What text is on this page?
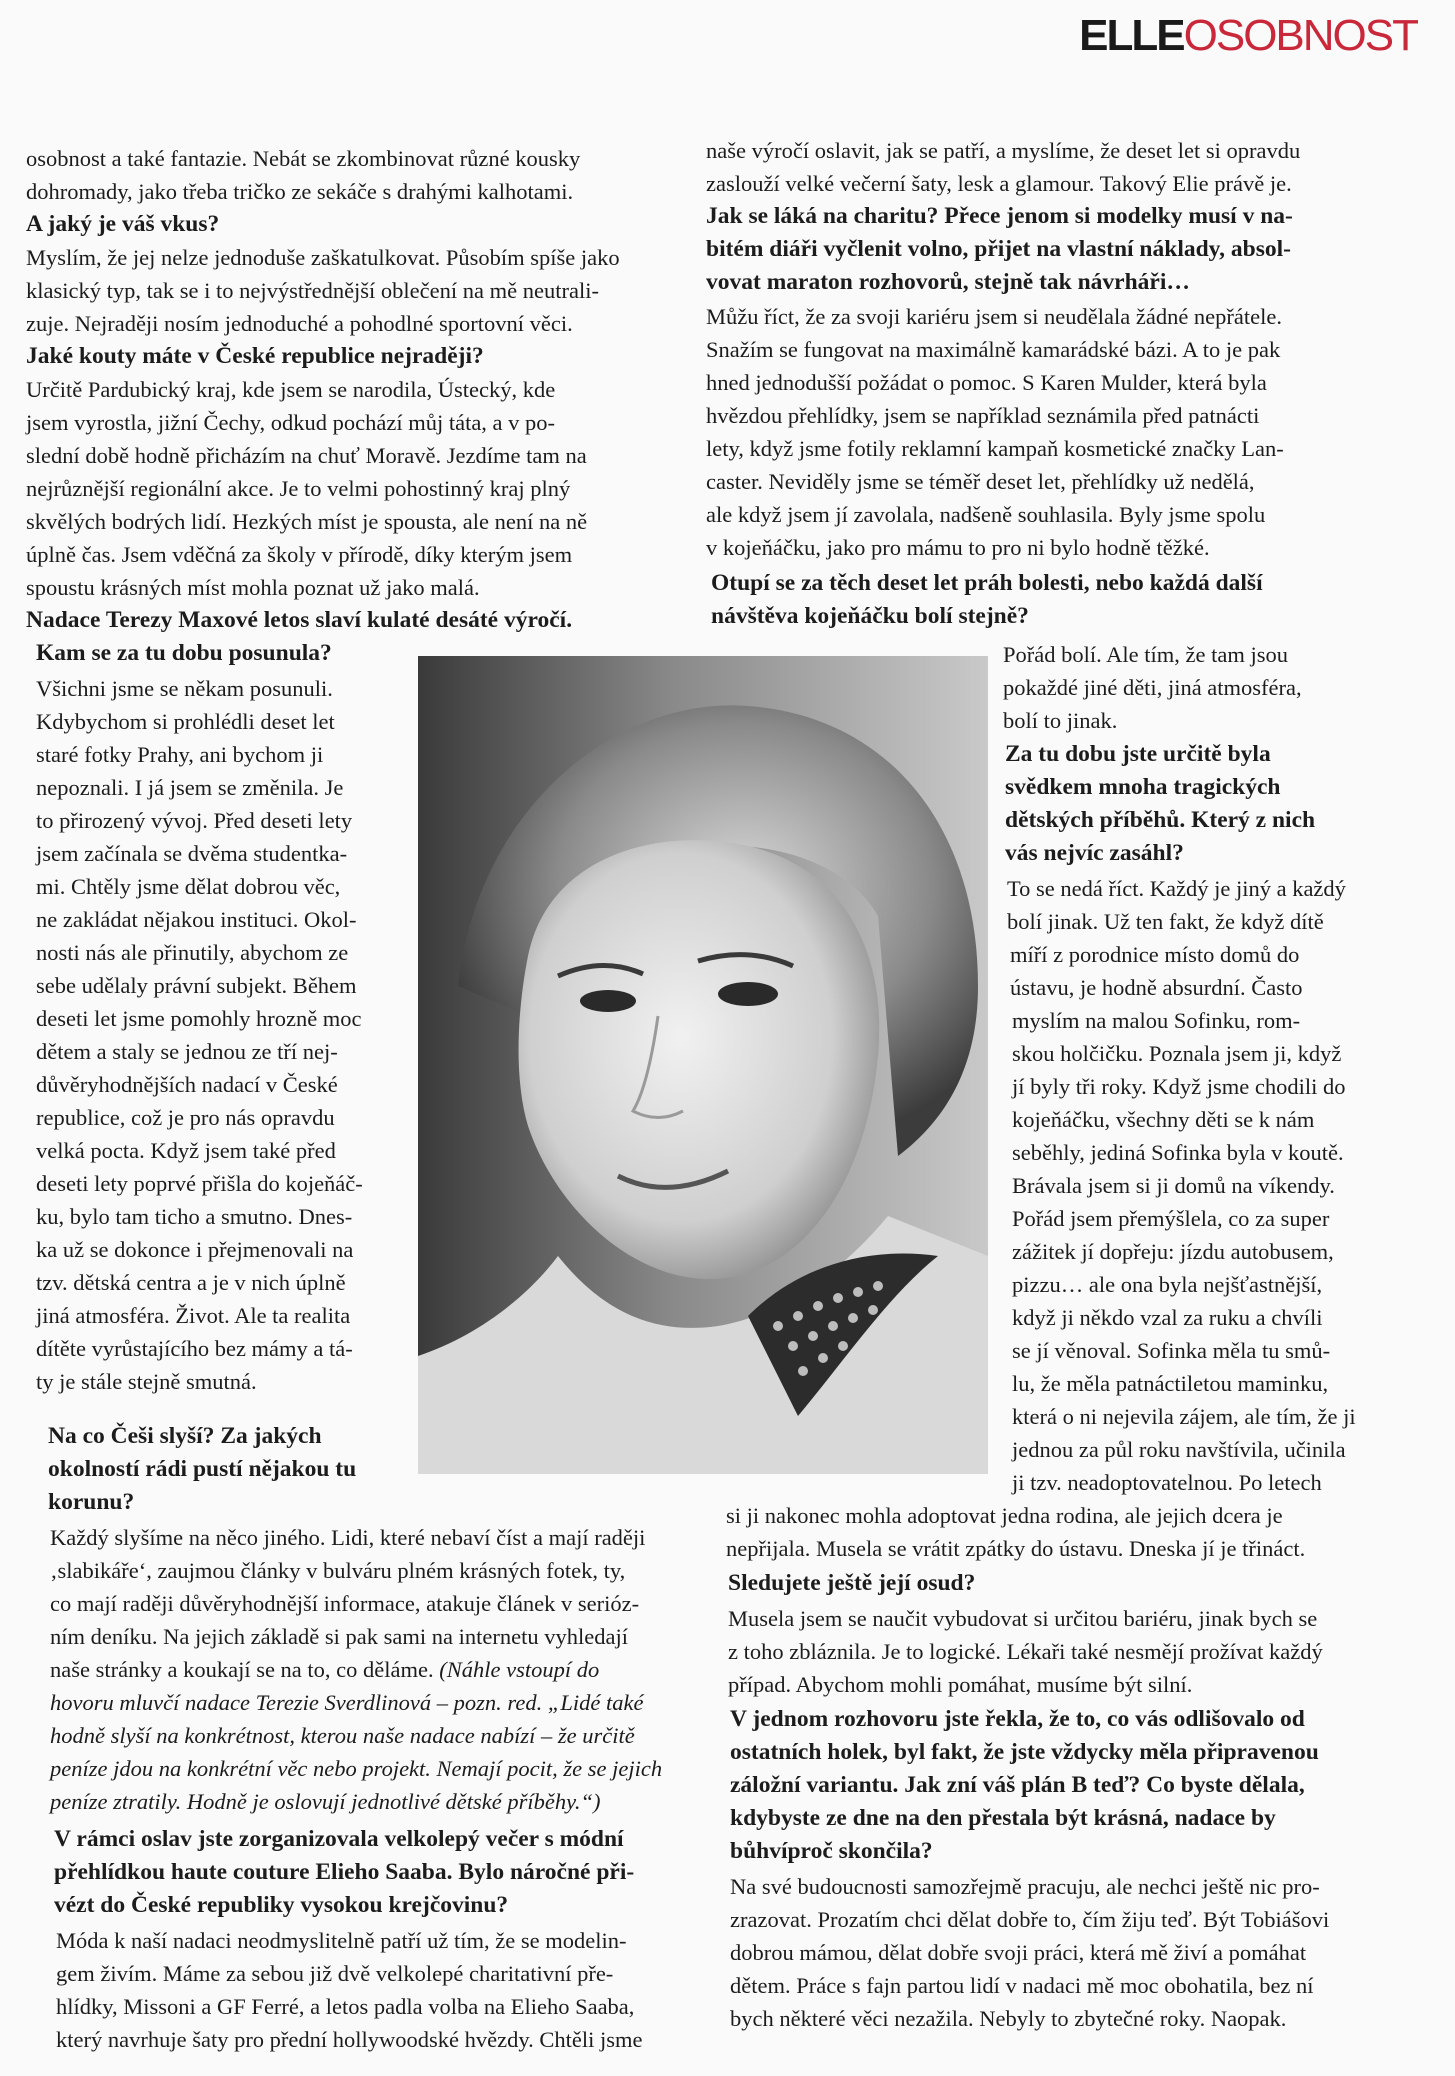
ELLEOSOBNOST
osobnost a také fantazie. Nebát se zkombinovat různé kousky
dohromady, jako třeba tričko ze sekáče s drahými kalhotami.
A jaký je váš vkus?
Myslím, že jej nelze jednoduše zaškatulkovat. Působím spíše jako
klasický typ, tak se i to nejvýstřednější oblečení na mě neutrali-
zuje. Nejraději nosím jednoduché a pohodlné sportovní věci.
Jaké kouty máte v České republice nejraději?
Určitě Pardubický kraj, kde jsem se narodila, Ústecký, kde
jsem vyrostla, jižní Čechy, odkud pochází můj táta, a v po-
slední době hodně přicházím na chuť Moravě. Jezdíme tam na
nejrůznější regionální akce. Je to velmi pohostinný kraj plný
skvělých bodrých lidí. Hezkých míst je spousta, ale není na ně
úplně čas. Jsem vděčná za školy v přírodě, díky kterým jsem
spoustu krásných míst mohla poznat už jako malá.
Nadace Terezy Maxové letos slaví kulaté desáté výročí.
Kam se za tu dobu posunula?
Všichni jsme se někam posunuli.
Kdybychom si prohlédli deset let
staré fotky Prahy, ani bychom ji
nepoznali. I já jsem se změnila. Je
to přirozený vývoj. Před deseti lety
jsem začínala se dvěma studentka-
mi. Chtěly jsme dělat dobrou věc,
ne zakládat nějakou instituci. Okol-
nosti nás ale přinutily, abychom ze
sebe udělaly právní subjekt. Během
deseti let jsme pomohly hrozně moc
dětem a staly se jednou ze tří nej-
důvěryhodnějších nadací v České
republice, což je pro nás opravdu
velká pocta. Když jsem také před
deseti lety poprvé přišla do kojeňáč-
ku, bylo tam ticho a smutno. Dnes-
ka už se dokonce i přejmenovali na
tzv. dětská centra a je v nich úplně
jiná atmosféra. Život. Ale ta realita
dítěte vyrůstajícího bez mámy a tá-
ty je stále stejně smutná.
Na co Češi slyší? Za jakých
okolností rádi pustí nějakou tu
korunu?
Každý slyšíme na něco jiného. Lidi, které nebaví číst a mají raději
‚slabikáře‘, zaujmou články v bulváru plném krásných fotek, ty,
co mají raději důvěryhodnější informace, atakuje článek v serióz-
ním deníku. Na jejich základě si pak sami na internetu vyhledají
naše stránky a koukají se na to, co děláme. (Náhle vstoupí do
hovoru mluvčí nadace Terezie Sverdlinová – pozn. red. „Lidé také
hodně slyší na konkrétnost, kterou naše nadace nabízí – že určitě
peníze jdou na konkrétní věc nebo projekt. Nemají pocit, že se jejich
peníze ztratily. Hodně je oslovují jednotlivé dětské příběhy.“)
V rámci oslav jste zorganizovala velkolepý večer s módní
přehlídkou haute couture Elieho Saaba. Bylo náročné při-
vézt do České republiky vysokou krejčovinu?
Móda k naší nadaci neodmyslitelně patří už tím, že se modelin-
gem živím. Máme za sebou již dvě velkolepé charitativní pře-
hlídky, Missoni a GF Ferré, a letos padla volba na Elieho Saaba,
který navrhuje šaty pro přední hollywoodské hvězdy. Chtěli jsme
naše výročí oslavit, jak se patří, a myslíme, že deset let si opravdu
zaslouží velké večerní šaty, lesk a glamour. Takový Elie právě je.
Jak se láká na charitu? Přece jenom si modelky musí v na-
bitém diáři vyčlenit volno, přijet na vlastní náklady, absol-
vovat maraton rozhovorů, stejně tak návrháři…
Můžu říct, že za svoji kariéru jsem si neudělala žádné nepřátele.
Snažím se fungovat na maximálně kamarádské bázi. A to je pak
hned jednodušší požádat o pomoc. S Karen Mulder, která byla
hvězdou přehlídky, jsem se například seznámila před patnácti
lety, když jsme fotily reklamní kampaň kosmetické značky Lan-
caster. Neviděly jsme se téměř deset let, přehlídky už nedělá,
ale když jsem jí zavolala, nadšeně souhlasila. Byly jsme spolu
v kojeňáčku, jako pro mámu to pro ni bylo hodně těžké.
Otupí se za těch deset let práh bolesti, nebo každá další
návštěva kojeňáčku bolí stejně?
Pořád bolí. Ale tím, že tam jsou
pokaždé jiné děti, jiná atmosféra,
bolí to jinak.
Za tu dobu jste určitě byla
svědkem mnoha tragických
dětských příběhů. Který z nich
vás nejvíc zasáhl?
To se nedá říct. Každý je jiný a každý
bolí jinak. Už ten fakt, že když dítě
míří z porodnice místo domů do
ústavu, je hodně absurdní. Často
myslím na malou Sofinku, rom-
skou holčičku. Poznala jsem ji, když
jí byly tři roky. Když jsme chodili do
kojeňáčku, všechny děti se k nám
seběhly, jediná Sofinka byla v koutě.
Brávala jsem si ji domů na víkendy.
Pořád jsem přemýšlela, co za super
zážitek jí dopřeju: jízdu autobusem,
pizzu… ale ona byla nejšťastnější,
když ji někdo vzal za ruku a chvíli
se jí věnoval. Sofinka měla tu smů-
lu, že měla patnáctiletou maminku,
která o ni nejevila zájem, ale tím, že ji
jednou za půl roku navštívila, učinila
ji tzv. neadoptovatelnou. Po letech
si ji nakonec mohla adoptovat jedna rodina, ale jejich dcera je
nepřijala. Musela se vrátit zpátky do ústavu. Dneska jí je třináct.
Sledujete ještě její osud?
Musela jsem se naučit vybudovat si určitou bariéru, jinak bych se
z toho zbláznila. Je to logické. Lékaři také nesmějí prožívat každý
případ. Abychom mohli pomáhat, musíme být silní.
V jednom rozhovoru jste řekla, že to, co vás odlišovalo od
ostatních holek, byl fakt, že jste vždycky měla připravenou
záložní variantu. Jak zní váš plán B teď? Co byste dělala,
kdybyste ze dne na den přestala být krásná, nadace by
bůhvíproč skončila?
Na své budoucnosti samozřejmě pracuju, ale nechci ještě nic pro-
zrazovat. Prozatím chci dělat dobře to, čím žiju teď. Být Tobiášovi
dobrou mámou, dělat dobře svoji práci, která mě živí a pomáhat
dětem. Práce s fajn partou lidí v nadaci mě moc obohatila, bez ní
bych některé věci nezažila. Nebyly to zbytečné roky. Naopak.
